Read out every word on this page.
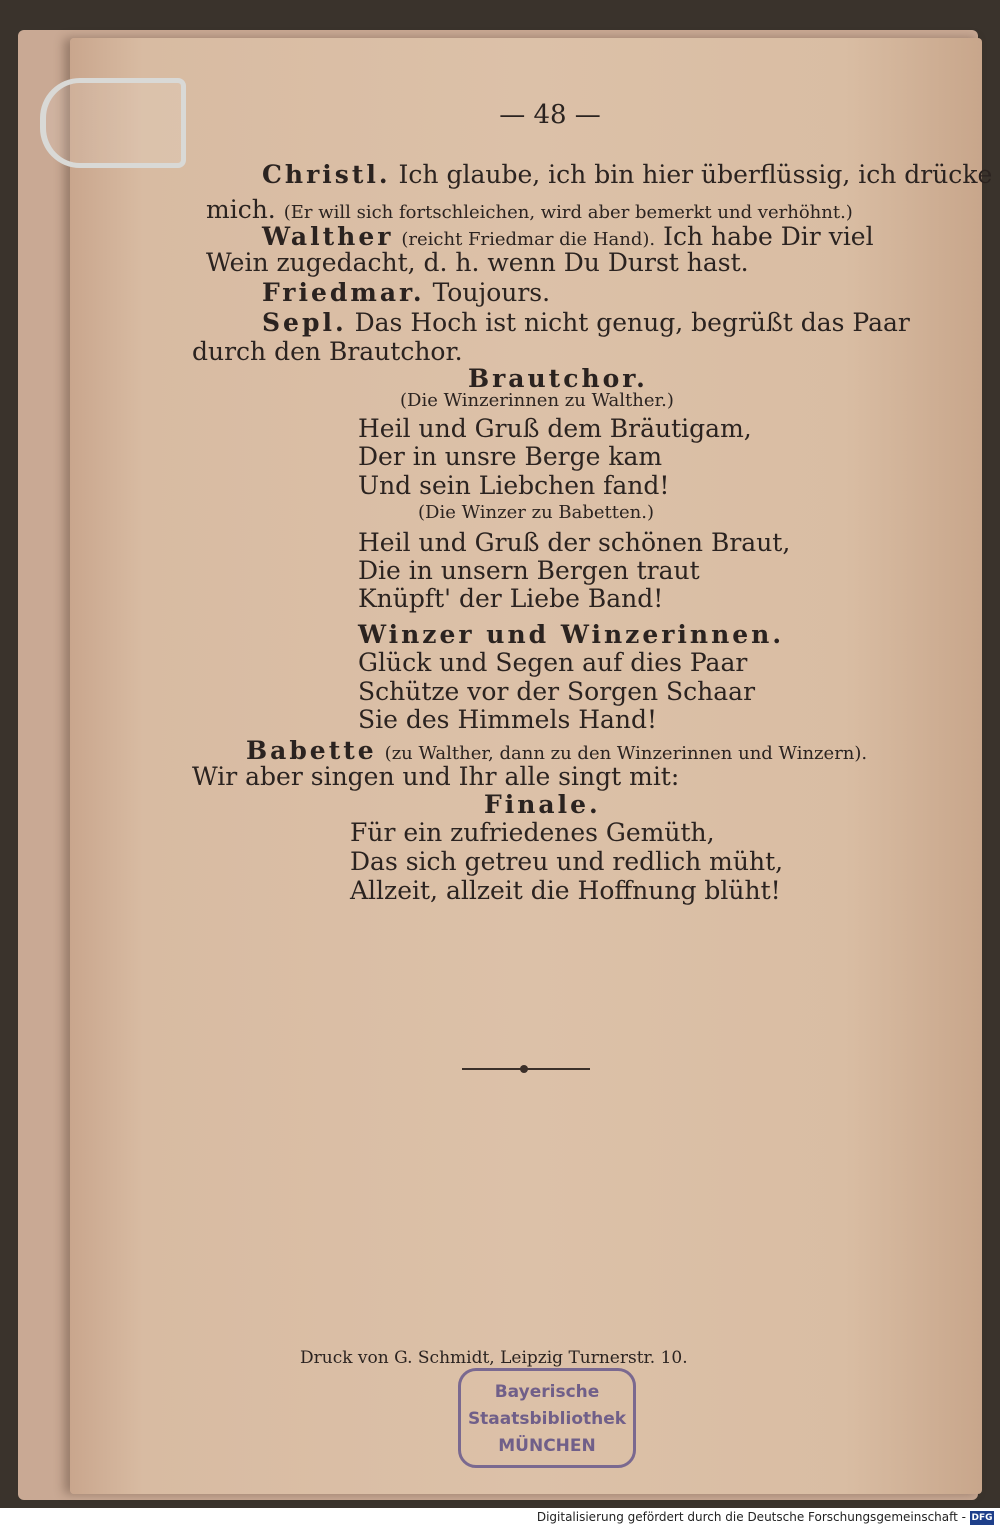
— 48 —
Christl. Ich glaube, ich bin hier überflüssig, ich drücke
mich. (Er will sich fortschleichen, wird aber bemerkt und verhöhnt.)
Walther (reicht Friedmar die Hand). Ich habe Dir viel
Wein zugedacht, d. h. wenn Du Durst hast.
Friedmar. Toujours.
Sepl. Das Hoch ist nicht genug, begrüßt das Paar
durch den Brautchor.
Brautchor.
(Die Winzerinnen zu Walther.)
Heil und Gruß dem Bräutigam,
Der in unsre Berge kam
Und sein Liebchen fand!
(Die Winzer zu Babetten.)
Heil und Gruß der schönen Braut,
Die in unsern Bergen traut
Knüpft' der Liebe Band!
Winzer und Winzerinnen.
Glück und Segen auf dies Paar
Schütze vor der Sorgen Schaar
Sie des Himmels Hand!
Babette (zu Walther, dann zu den Winzerinnen und Winzern).
Wir aber singen und Ihr alle singt mit:
Finale.
Für ein zufriedenes Gemüth,
Das sich getreu und redlich müht,
Allzeit, allzeit die Hoffnung blüht!
Druck von G. Schmidt, Leipzig Turnerstr. 10.
Bayerische
Staatsbibliothek
MÜNCHEN
Digitalisierung gefördert durch die Deutsche Forschungsgemeinschaft - DFG
